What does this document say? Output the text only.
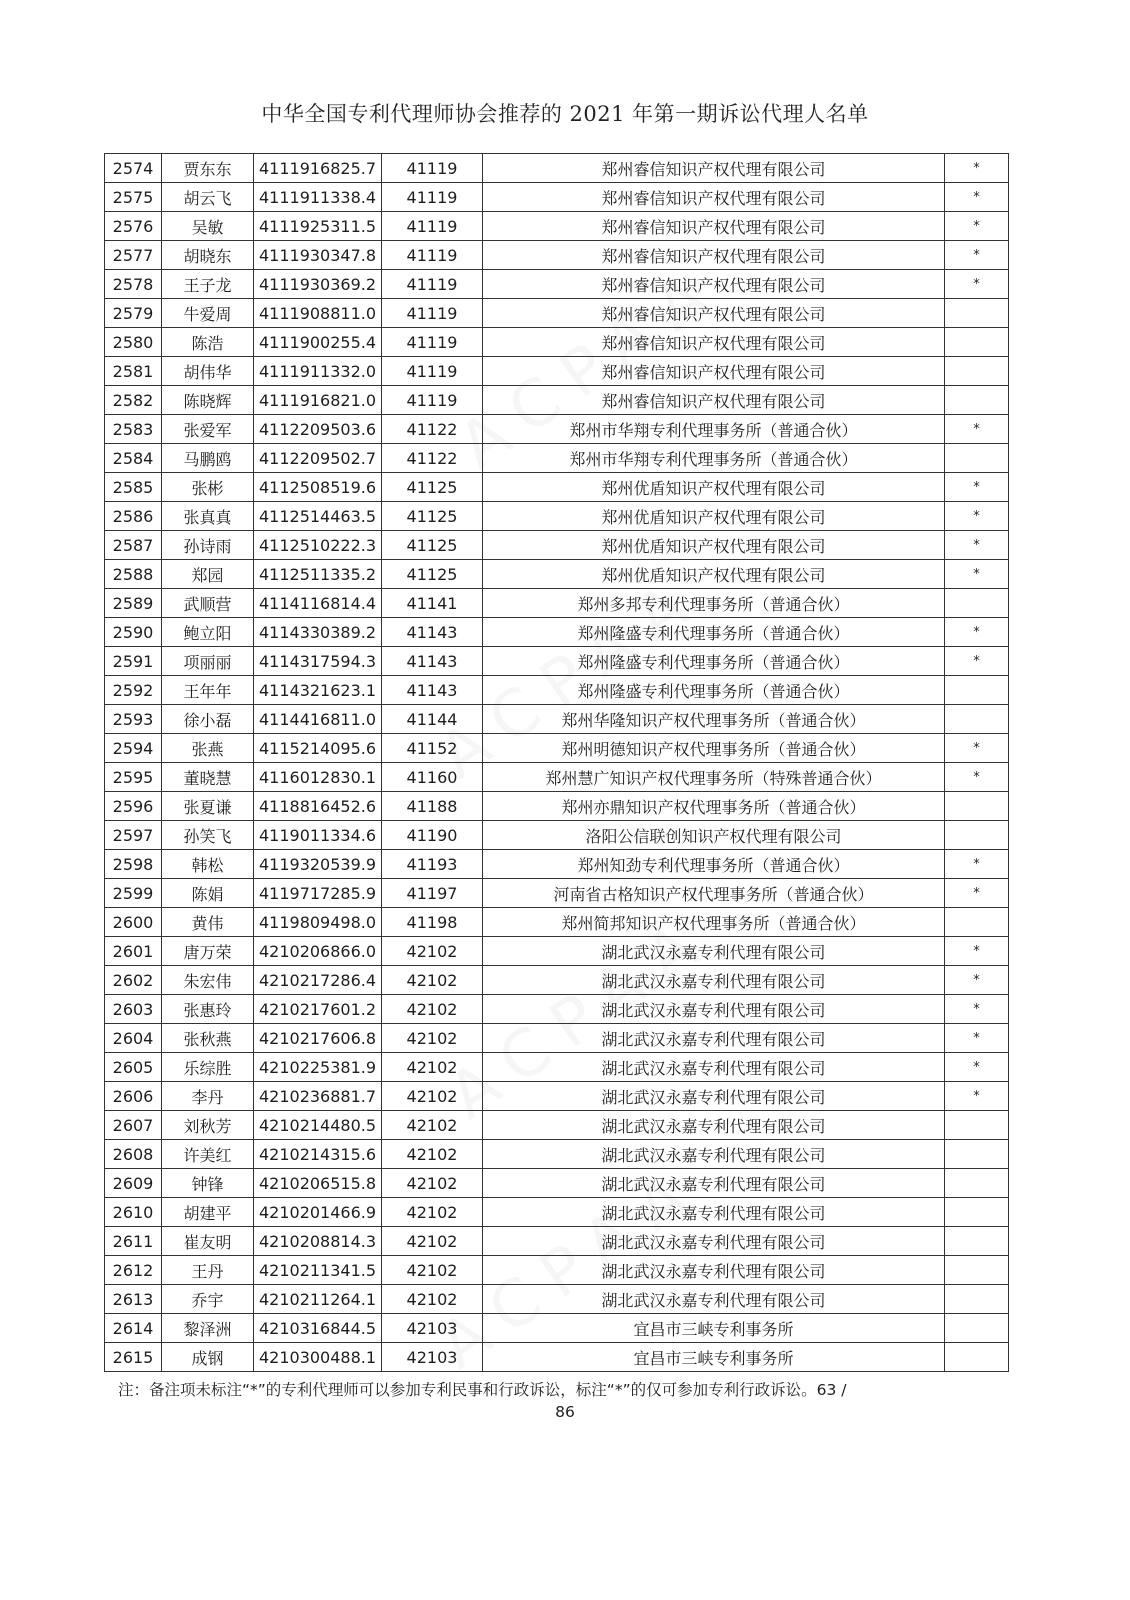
中华全国专利代理师协会推荐的 2021 年第一期诉讼代理人名单
2574	贾东东	4111916825.7	41119	郑州睿信知识产权代理有限公司	*
2575	胡云飞	4111911338.4	41119	郑州睿信知识产权代理有限公司	*
2576	吴敏	4111925311.5	41119	郑州睿信知识产权代理有限公司	*
2577	胡晓东	4111930347.8	41119	郑州睿信知识产权代理有限公司	*
2578	王子龙	4111930369.2	41119	郑州睿信知识产权代理有限公司	*
2579	牛爱周	4111908811.0	41119	郑州睿信知识产权代理有限公司	
2580	陈浩	4111900255.4	41119	郑州睿信知识产权代理有限公司	
2581	胡伟华	4111911332.0	41119	郑州睿信知识产权代理有限公司	
2582	陈晓辉	4111916821.0	41119	郑州睿信知识产权代理有限公司	
2583	张爱军	4112209503.6	41122	郑州市华翔专利代理事务所（普通合伙）	*
2584	马鹏鸥	4112209502.7	41122	郑州市华翔专利代理事务所（普通合伙）	
2585	张彬	4112508519.6	41125	郑州优盾知识产权代理有限公司	*
2586	张真真	4112514463.5	41125	郑州优盾知识产权代理有限公司	*
2587	孙诗雨	4112510222.3	41125	郑州优盾知识产权代理有限公司	*
2588	郑园	4112511335.2	41125	郑州优盾知识产权代理有限公司	*
2589	武顺营	4114116814.4	41141	郑州多邦专利代理事务所（普通合伙）	
2590	鲍立阳	4114330389.2	41143	郑州隆盛专利代理事务所（普通合伙）	*
2591	项丽丽	4114317594.3	41143	郑州隆盛专利代理事务所（普通合伙）	*
2592	王年年	4114321623.1	41143	郑州隆盛专利代理事务所（普通合伙）	
2593	徐小磊	4114416811.0	41144	郑州华隆知识产权代理事务所（普通合伙）	
2594	张燕	4115214095.6	41152	郑州明德知识产权代理事务所（普通合伙）	*
2595	董晓慧	4116012830.1	41160	郑州慧广知识产权代理事务所（特殊普通合伙）	*
2596	张夏谦	4118816452.6	41188	郑州亦鼎知识产权代理事务所（普通合伙）	
2597	孙笑飞	4119011334.6	41190	洛阳公信联创知识产权代理有限公司	
2598	韩松	4119320539.9	41193	郑州知劲专利代理事务所（普通合伙）	*
2599	陈娟	4119717285.9	41197	河南省古格知识产权代理事务所（普通合伙）	*
2600	黄伟	4119809498.0	41198	郑州简邦知识产权代理事务所（普通合伙）	
2601	唐万荣	4210206866.0	42102	湖北武汉永嘉专利代理有限公司	*
2602	朱宏伟	4210217286.4	42102	湖北武汉永嘉专利代理有限公司	*
2603	张惠玲	4210217601.2	42102	湖北武汉永嘉专利代理有限公司	*
2604	张秋燕	4210217606.8	42102	湖北武汉永嘉专利代理有限公司	*
2605	乐综胜	4210225381.9	42102	湖北武汉永嘉专利代理有限公司	*
2606	李丹	4210236881.7	42102	湖北武汉永嘉专利代理有限公司	*
2607	刘秋芳	4210214480.5	42102	湖北武汉永嘉专利代理有限公司	
2608	许美红	4210214315.6	42102	湖北武汉永嘉专利代理有限公司	
2609	钟锋	4210206515.8	42102	湖北武汉永嘉专利代理有限公司	
2610	胡建平	4210201466.9	42102	湖北武汉永嘉专利代理有限公司	
2611	崔友明	4210208814.3	42102	湖北武汉永嘉专利代理有限公司	
2612	王丹	4210211341.5	42102	湖北武汉永嘉专利代理有限公司	
2613	乔宇	4210211264.1	42102	湖北武汉永嘉专利代理有限公司	
2614	黎泽洲	4210316844.5	42103	宜昌市三峡专利事务所	
2615	成钢	4210300488.1	42103	宜昌市三峡专利事务所	
注：备注项未标注“*”的专利代理师可以参加专利民事和行政诉讼，标注“*”的仅可参加专利行政诉讼。63 /
86
